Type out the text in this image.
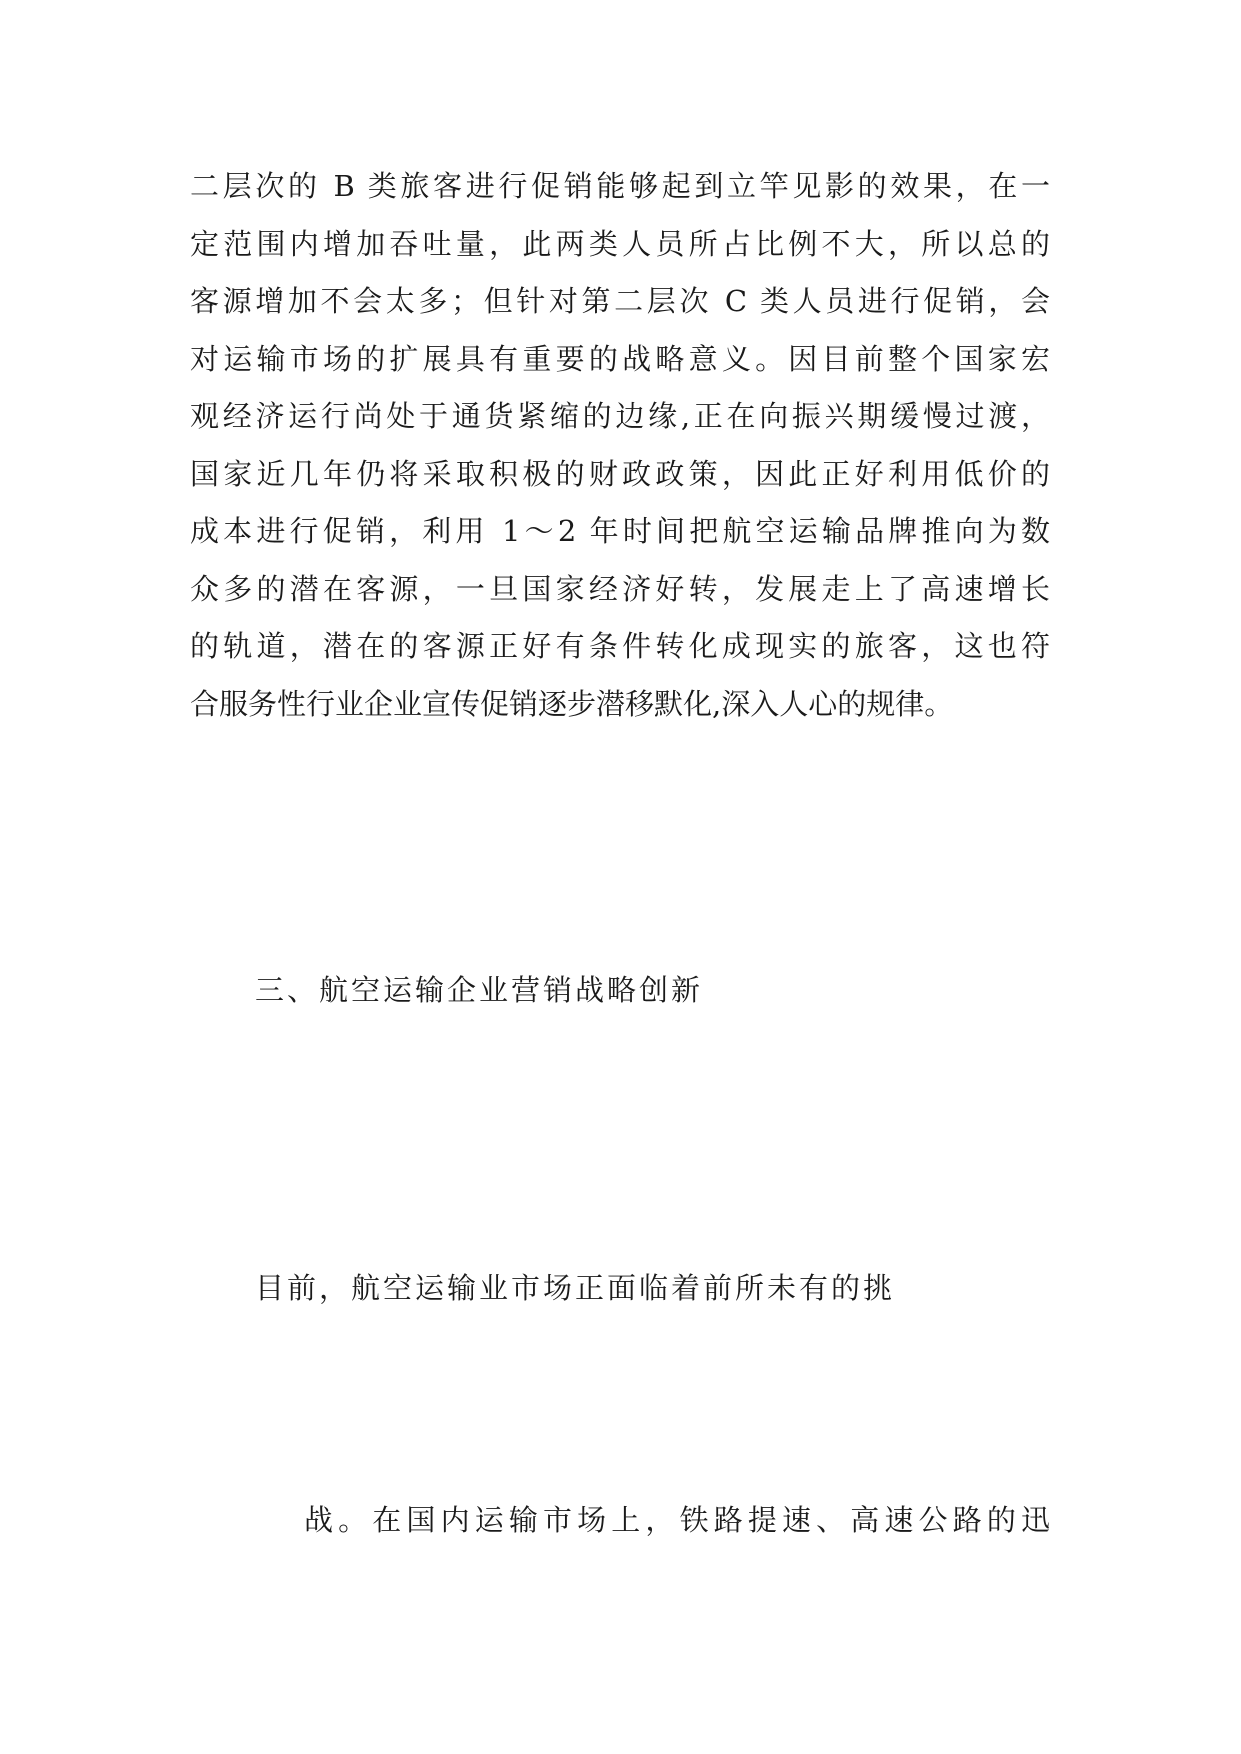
二层次的 B 类旅客进行促销能够起到立竿见影的效果，在一
定范围内增加吞吐量，此两类人员所占比例不大，所以总的
客源增加不会太多；但针对第二层次 C 类人员进行促销，会
对运输市场的扩展具有重要的战略意义。因目前整个国家宏
观经济运行尚处于通货紧缩的边缘,正在向振兴期缓慢过渡，
国家近几年仍将采取积极的财政政策，因此正好利用低价的
成本进行促销，利用 1～2 年时间把航空运输品牌推向为数
众多的潜在客源，一旦国家经济好转，发展走上了高速增长
的轨道，潜在的客源正好有条件转化成现实的旅客，这也符
合服务性行业企业宣传促销逐步潜移默化,深入人心的规律。
三、航空运输企业营销战略创新
目前，航空运输业市场正面临着前所未有的挑
战。在国内运输市场上，铁路提速、高速公路的迅
